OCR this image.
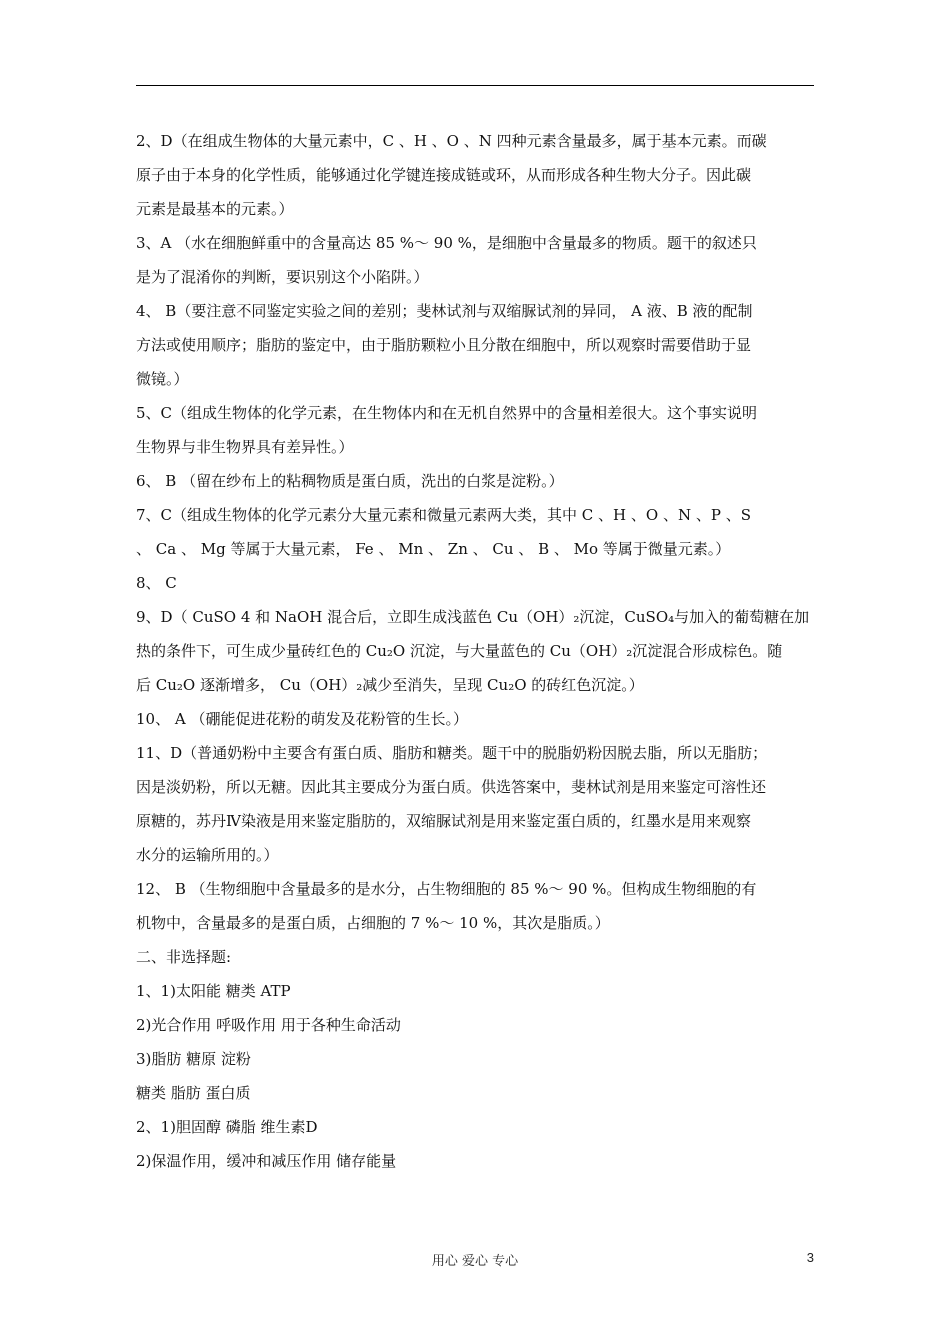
2、D（在组成生物体的大量元素中，C 、H 、O 、N 四种元素含量最多，属于基本元素。而碳
原子由于本身的化学性质，能够通过化学键连接成链或环，从而形成各种生物大分子。因此碳
元素是最基本的元素。）
3、A （水在细胞鲜重中的含量高达 85 %～ 90 %，是细胞中含量最多的物质。题干的叙述只
是为了混淆你的判断，要识别这个小陷阱。）
4、 B（要注意不同鉴定实验之间的差别；斐林试剂与双缩脲试剂的异同， A 液、B 液的配制
方法或使用顺序；脂肪的鉴定中，由于脂肪颗粒小且分散在细胞中，所以观察时需要借助于显
微镜。）
5、C（组成生物体的化学元素，在生物体内和在无机自然界中的含量相差很大。这个事实说明
生物界与非生物界具有差异性。）
6、 B （留在纱布上的粘稠物质是蛋白质，洗出的白浆是淀粉。）
7、C（组成生物体的化学元素分大量元素和微量元素两大类，其中 C 、H 、O 、N 、P 、S
、 Ca 、 Mg 等属于大量元素， Fe 、 Mn 、 Zn 、 Cu 、 B 、 Mo 等属于微量元素。）
8、 C
9、D（ CuSO 4 和 NaOH 混合后，立即生成浅蓝色 Cu（OH）₂沉淀，CuSO₄与加入的葡萄糖在加
热的条件下，可生成少量砖红色的 Cu₂O 沉淀，与大量蓝色的 Cu（OH）₂沉淀混合形成棕色。随
后 Cu₂O 逐渐增多， Cu（OH）₂减少至消失，呈现 Cu₂O 的砖红色沉淀。）
10、 A （硼能促进花粉的萌发及花粉管的生长。）
11、D（普通奶粉中主要含有蛋白质、脂肪和糖类。题干中的脱脂奶粉因脱去脂，所以无脂肪；
因是淡奶粉，所以无糖。因此其主要成分为蛋白质。供选答案中，斐林试剂是用来鉴定可溶性还
原糖的，苏丹Ⅳ染液是用来鉴定脂肪的，双缩脲试剂是用来鉴定蛋白质的，红墨水是用来观察
水分的运输所用的。）
12、 B （生物细胞中含量最多的是水分，占生物细胞的 85 %～ 90 %。但构成生物细胞的有
机物中，含量最多的是蛋白质，占细胞的 7 %～ 10 %，其次是脂质。）
二、非选择题:
1、1)太阳能 糖类 ATP
2)光合作用 呼吸作用 用于各种生命活动
3)脂肪 糖原 淀粉
糖类 脂肪 蛋白质
2、1)胆固醇 磷脂 维生素D
2)保温作用，缓冲和减压作用 储存能量
用心 爱心 专心	3
